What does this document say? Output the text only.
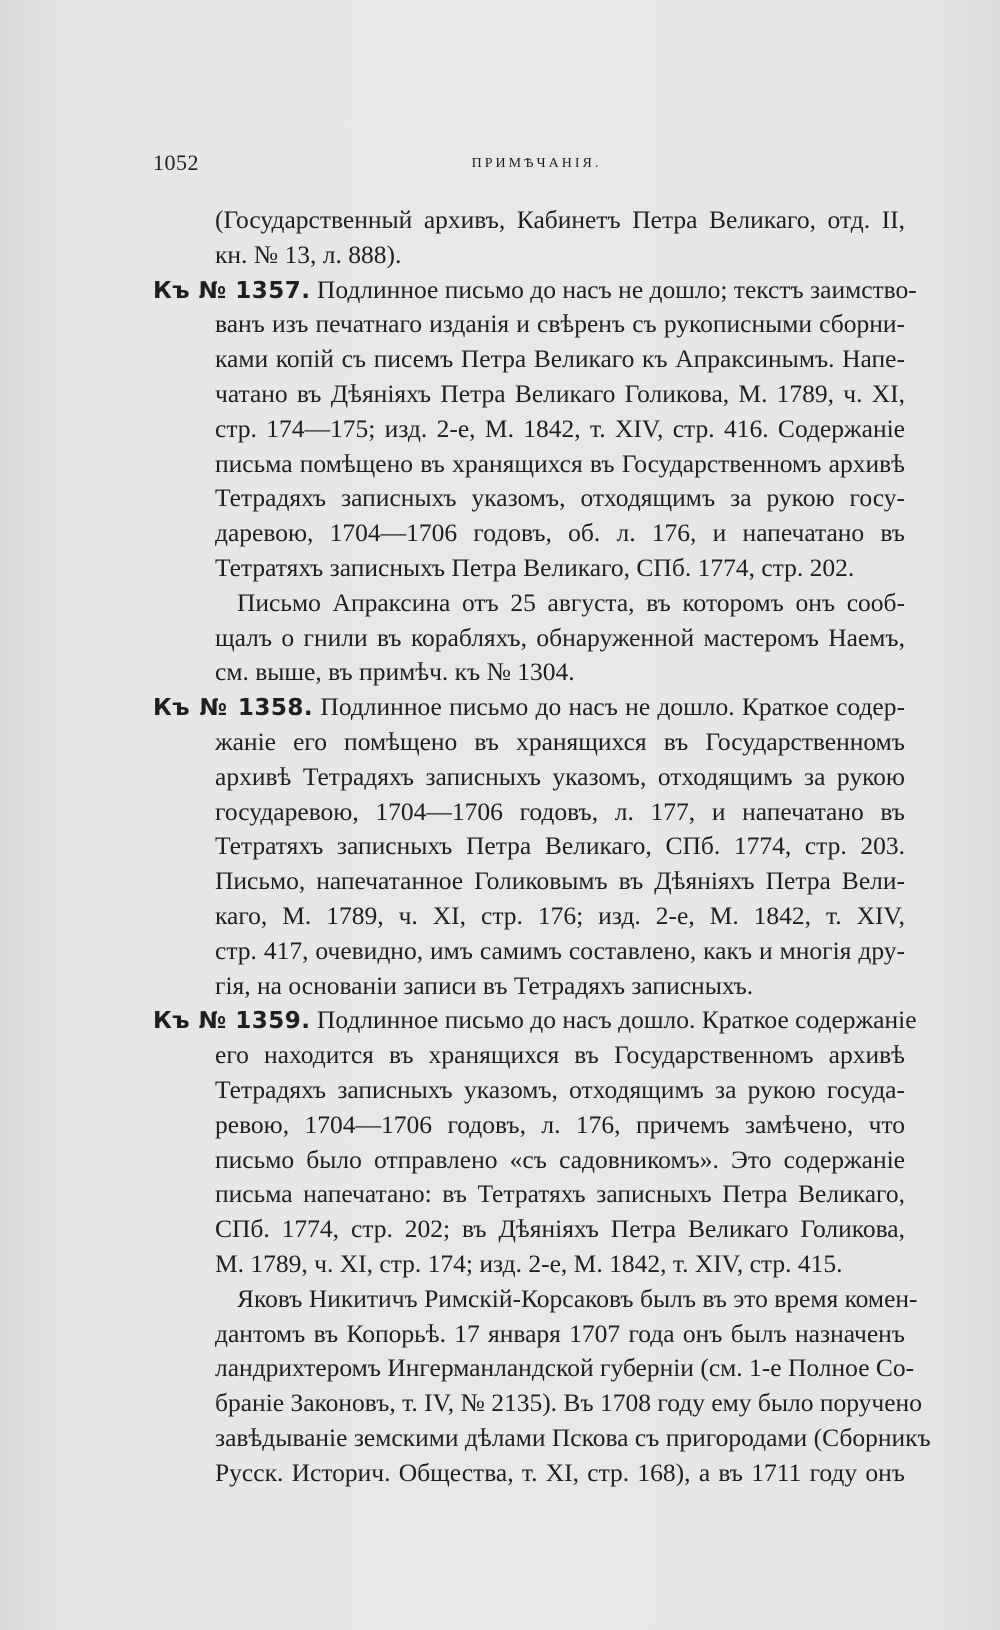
1052	ПРИМѢЧАНІЯ.
(Государственный архивъ, Кабинетъ Петра Великаго, отд. II,
кн. № 13, л. 888).
Къ № 1357. Подлинное письмо до насъ не дошло; текстъ заимство-
ванъ изъ печатнаго изданія и свѣренъ съ рукописными сборни-
ками копій съ писемъ Петра Великаго къ Апраксинымъ. Напе-
чатано въ Дѣяніяхъ Петра Великаго Голикова, М. 1789, ч. XI,
стр. 174—175; изд. 2-е, М. 1842, т. XIV, стр. 416. Содержаніе
письма помѣщено въ хранящихся въ Государственномъ архивѣ
Тетрадяхъ записныхъ указомъ, отходящимъ за рукою госу-
даревою, 1704—1706 годовъ, об. л. 176, и напечатано въ
Тетратяхъ записныхъ Петра Великаго, СПб. 1774, стр. 202.
Письмо Апраксина отъ 25 августа, въ которомъ онъ сооб-
щалъ о гнили въ корабляхъ, обнаруженной мастеромъ Наемъ,
см. выше, въ примѣч. къ № 1304.
Къ № 1358. Подлинное письмо до насъ не дошло. Краткое содер-
жаніе его помѣщено въ хранящихся въ Государственномъ
архивѣ Тетрадяхъ записныхъ указомъ, отходящимъ за рукою
государевою, 1704—1706 годовъ, л. 177, и напечатано въ
Тетратяхъ записныхъ Петра Великаго, СПб. 1774, стр. 203.
Письмо, напечатанное Голиковымъ въ Дѣяніяхъ Петра Вели-
каго, М. 1789, ч. XI, стр. 176; изд. 2-е, М. 1842, т. XIV,
стр. 417, очевидно, имъ самимъ составлено, какъ и многія дру-
гія, на основаніи записи въ Тетрадяхъ записныхъ.
Къ № 1359. Подлинное письмо до насъ дошло. Краткое содержаніе
его находится въ хранящихся въ Государственномъ архивѣ
Тетрадяхъ записныхъ указомъ, отходящимъ за рукою госуда-
ревою, 1704—1706 годовъ, л. 176, причемъ замѣчено, что
письмо было отправлено «съ садовникомъ». Это содержаніе
письма напечатано: въ Тетратяхъ записныхъ Петра Великаго,
СПб. 1774, стр. 202; въ Дѣяніяхъ Петра Великаго Голикова,
М. 1789, ч. XI, стр. 174; изд. 2-е, М. 1842, т. XIV, стр. 415.
Яковъ Никитичъ Римскій-Корсаковъ былъ въ это время комен-
дантомъ въ Копорьѣ. 17 января 1707 года онъ былъ назначенъ
ландрихтеромъ Ингерманландской губерніи (см. 1-е Полное Со-
браніе Законовъ, т. IV, № 2135). Въ 1708 году ему было поручено
завѣдываніе земскими дѣлами Пскова съ пригородами (Сборникъ
Русск. Историч. Общества, т. XI, стр. 168), а въ 1711 году онъ
